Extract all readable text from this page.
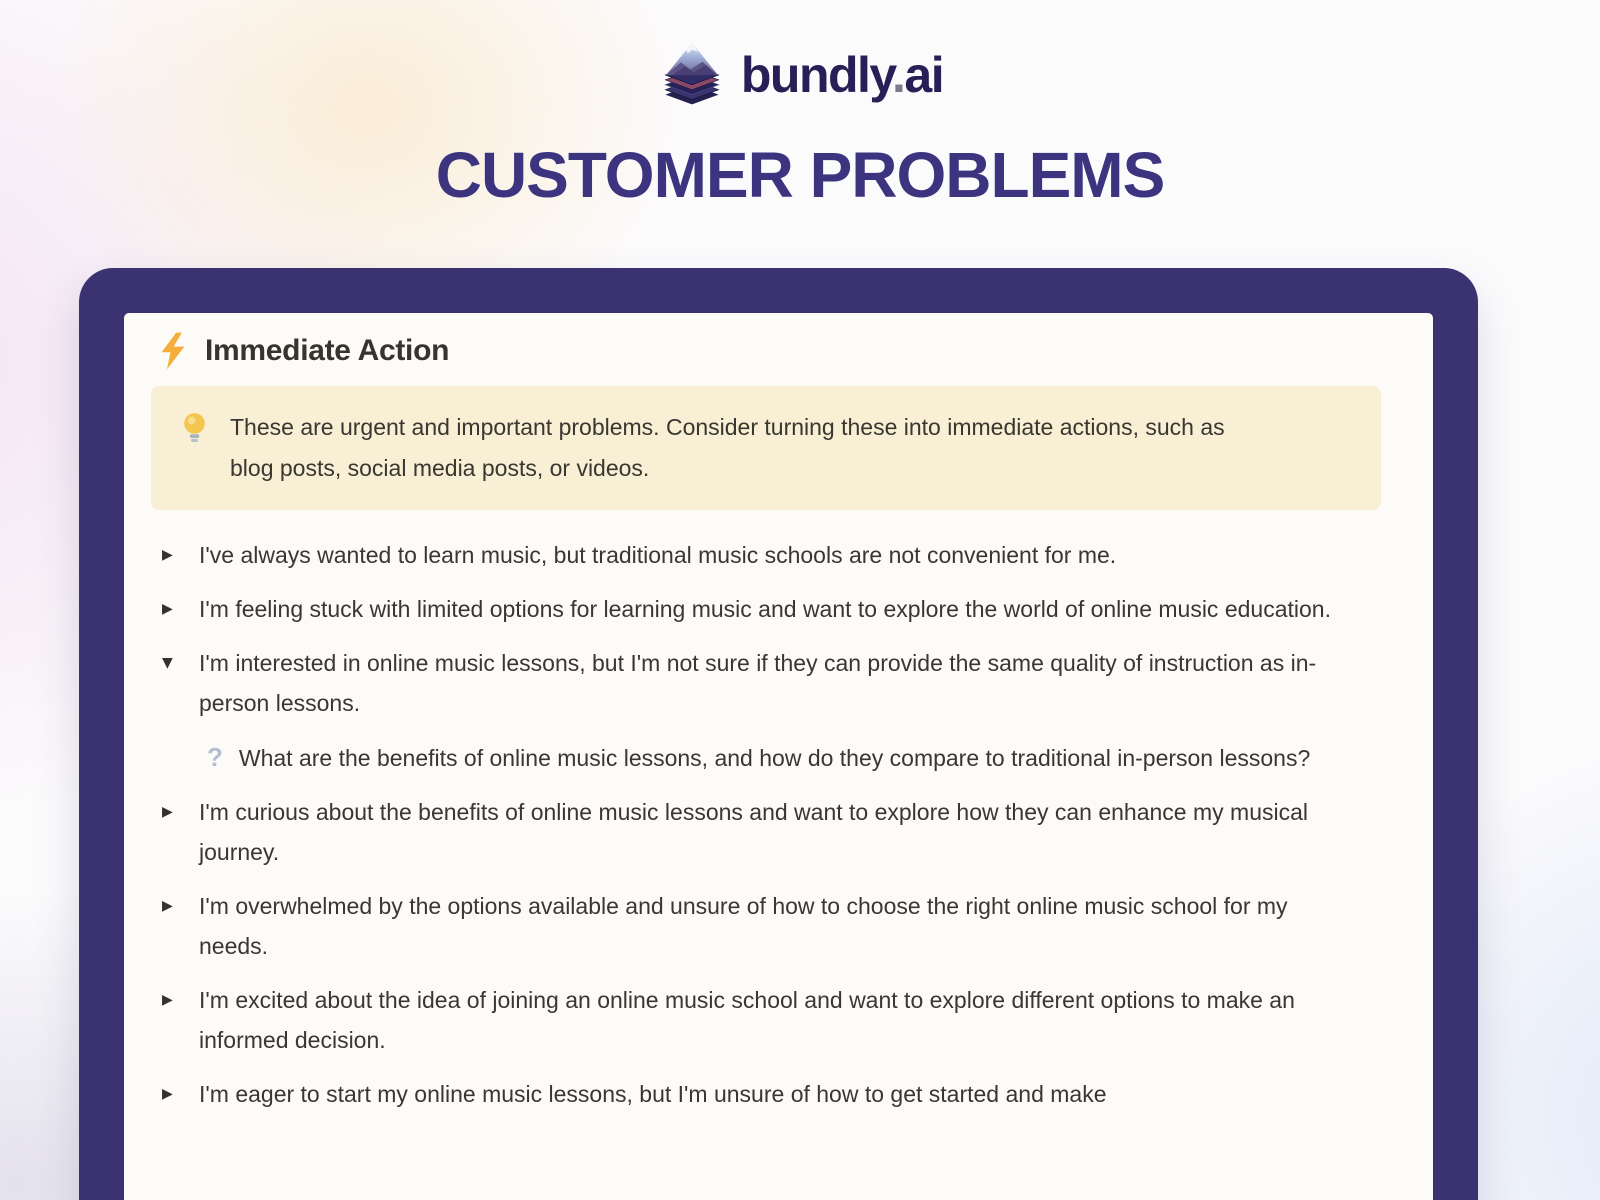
bundly.ai
CUSTOMER PROBLEMS
Immediate Action
These are urgent and important problems. Consider turning these into immediate actions, such as blog posts, social media posts, or videos.
▶	I've always wanted to learn music, but traditional music schools are not convenient for me.
▶	I'm feeling stuck with limited options for learning music and want to explore the world of online music education.
▼	I'm interested in online music lessons, but I'm not sure if they can provide the same quality of instruction as in-person lessons.
? What are the benefits of online music lessons, and how do they compare to traditional in-person lessons?
▶	I'm curious about the benefits of online music lessons and want to explore how they can enhance my musical journey.
▶	I'm overwhelmed by the options available and unsure of how to choose the right online music school for my needs.
▶	I'm excited about the idea of joining an online music school and want to explore different options to make an informed decision.
▶	I'm eager to start my online music lessons, but I'm unsure of how to get started and make
